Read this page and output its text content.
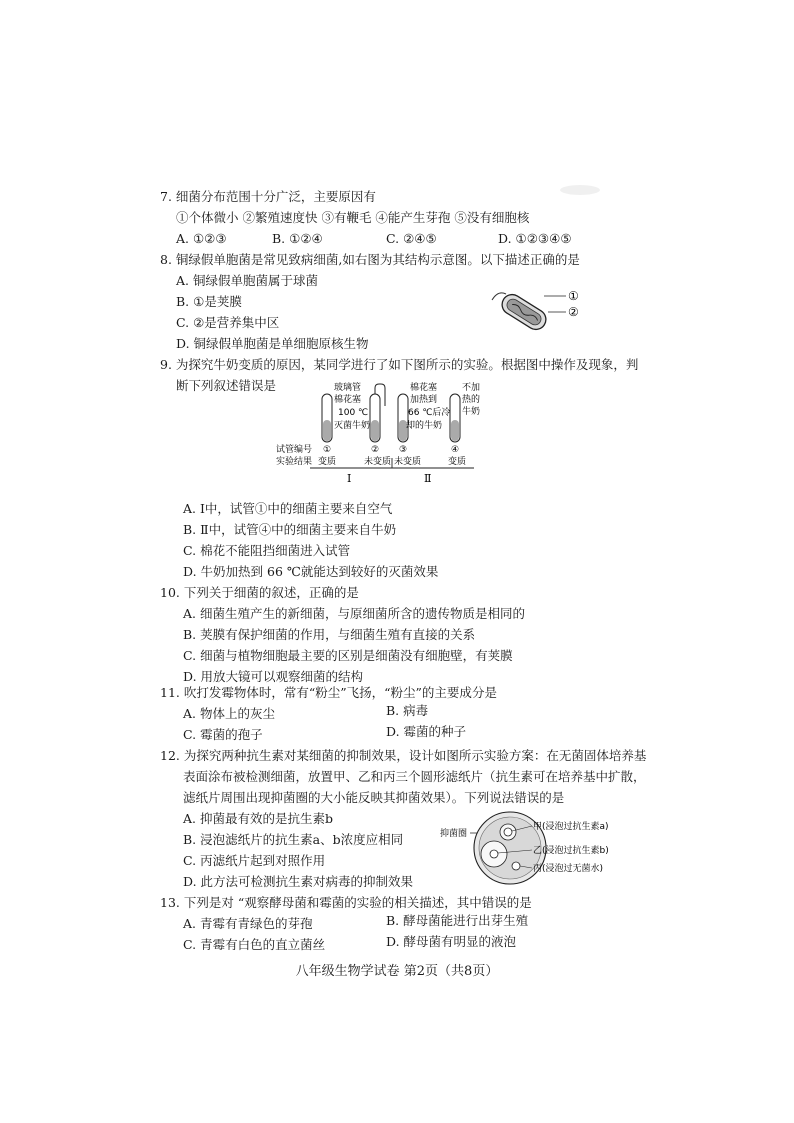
7. 细菌分布范围十分广泛，主要原因有
①个体微小 ②繁殖速度快 ③有鞭毛 ④能产生芽孢 ⑤没有细胞核
A. ①②③	B. ①②④	C. ②④⑤	D. ①②③④⑤
8. 铜绿假单胞菌是常见致病细菌,如右图为其结构示意图。以下描述正确的是
A. 铜绿假单胞菌属于球菌
B. ①是荚膜
C. ②是营养集中区
D. 铜绿假单胞菌是单细胞原核生物
①
②
9. 为探究牛奶变质的原因，某同学进行了如下图所示的实验。根据图中操作及现象，判
断下列叙述错误是	玻璃管
棉花塞
100 ℃
灭菌牛奶
棉花塞
加热到
66 ℃后冷
却的牛奶
不加
热的
牛奶
试管编号
实验结果
①	② ③	④
变质	未变质 未变质	变质
Ⅰ	Ⅱ
A. Ⅰ中，试管①中的细菌主要来自空气
B. Ⅱ中，试管④中的细菌主要来自牛奶
C. 棉花不能阻挡细菌进入试管
D. 牛奶加热到 66 ℃就能达到较好的灭菌效果
10. 下列关于细菌的叙述，正确的是
A. 细菌生殖产生的新细菌，与原细菌所含的遗传物质是相同的
B. 荚膜有保护细菌的作用，与细菌生殖有直接的关系
C. 细菌与植物细胞最主要的区别是细菌没有细胞壁，有荚膜
D. 用放大镜可以观察细菌的结构
11. 吹打发霉物体时，常有“粉尘”飞扬，“粉尘”的主要成分是
A. 物体上的灰尘	B. 病毒
C. 霉菌的孢子	D. 霉菌的种子
12. 为探究两种抗生素对某细菌的抑制效果，设计如图所示实验方案：在无菌固体培养基
表面涂布被检测细菌，放置甲、乙和丙三个圆形滤纸片（抗生素可在培养基中扩散，
滤纸片周围出现抑菌圈的大小能反映其抑菌效果）。下列说法错误的是
A. 抑菌最有效的是抗生素b
B. 浸泡滤纸片的抗生素a、b浓度应相同
C. 丙滤纸片起到对照作用
D. 此方法可检测抗生素对病毒的抑制效果
抑菌圈
甲(浸泡过抗生素a)
乙(浸泡过抗生素b)
丙(浸泡过无菌水)
13. 下列是对 “观察酵母菌和霉菌的实验的相关描述，其中错误的是
A. 青霉有青绿色的芽孢	B. 酵母菌能进行出芽生殖
C. 青霉有白色的直立菌丝	D. 酵母菌有明显的液泡
八年级生物学试卷 第2页（共8页）
